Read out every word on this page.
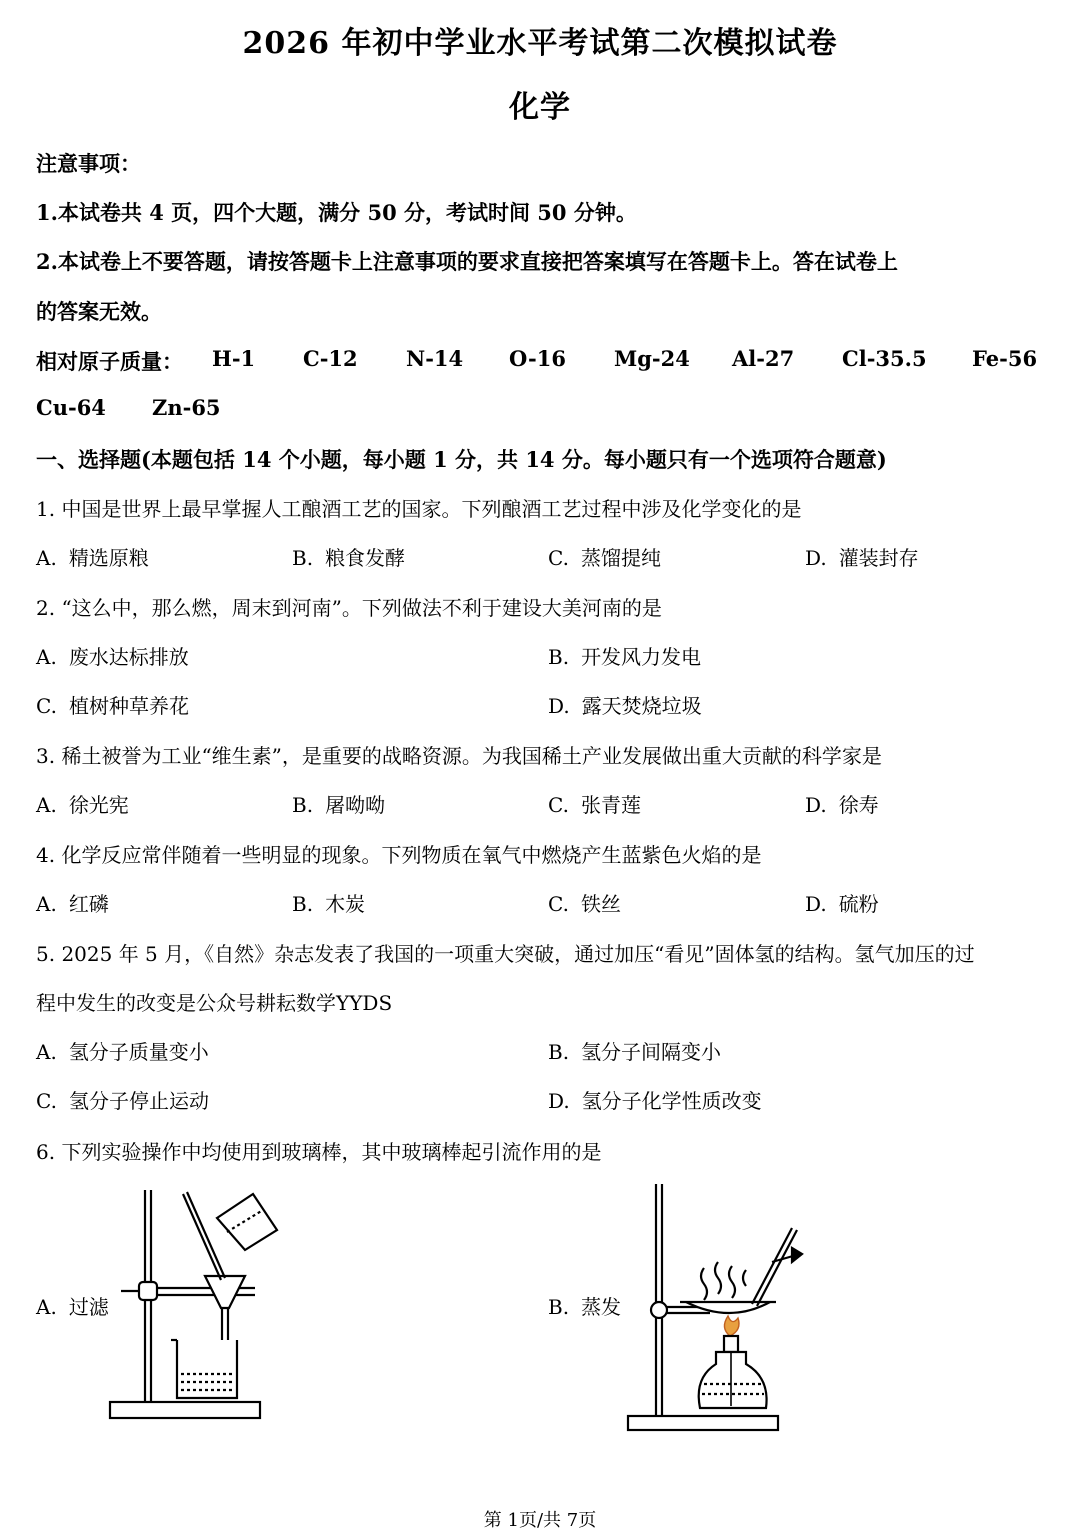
2026 年初中学业水平考试第二次模拟试卷
化学
注意事项：
1.本试卷共 4 页，四个大题，满分 50 分，考试时间 50 分钟。
2.本试卷上不要答题，请按答题卡上注意事项的要求直接把答案填写在答题卡上。答在试卷上
的答案无效。
相对原子质量： H-1 C-12 N-14 O-16 Mg-24 Al-27 Cl-35.5 Fe-56
Cu-64 Zn-65
一、选择题(本题包括 14 个小题，每小题 1 分，共 14 分。每小题只有一个选项符合题意)
1. 中国是世界上最早掌握人工酿酒工艺的国家。下列酿酒工艺过程中涉及化学变化的是
A. 精选原粮	B. 粮食发酵	C. 蒸馏提纯	D. 灌装封存
2. “这么中，那么燃，周末到河南”。下列做法不利于建设大美河南的是
A. 废水达标排放	B. 开发风力发电
C. 植树种草养花	D. 露天焚烧垃圾
3. 稀土被誉为工业“维生素”，是重要的战略资源。为我国稀土产业发展做出重大贡献的科学家是
A. 徐光宪	B. 屠呦呦	C. 张青莲	D. 徐寿
4. 化学反应常伴随着一些明显的现象。下列物质在氧气中燃烧产生蓝紫色火焰的是
A. 红磷	B. 木炭	C. 铁丝	D. 硫粉
5. 2025 年 5 月，《自然》杂志发表了我国的一项重大突破，通过加压“看见”固体氢的结构。氢气加压的过
程中发生的改变是公众号耕耘数学YYDS
A. 氢分子质量变小	B. 氢分子间隔变小
C. 氢分子停止运动	D. 氢分子化学性质改变
6. 下列实验操作中均使用到玻璃棒，其中玻璃棒起引流作用的是
A. 过滤	B. 蒸发
第 1页/共 7页
